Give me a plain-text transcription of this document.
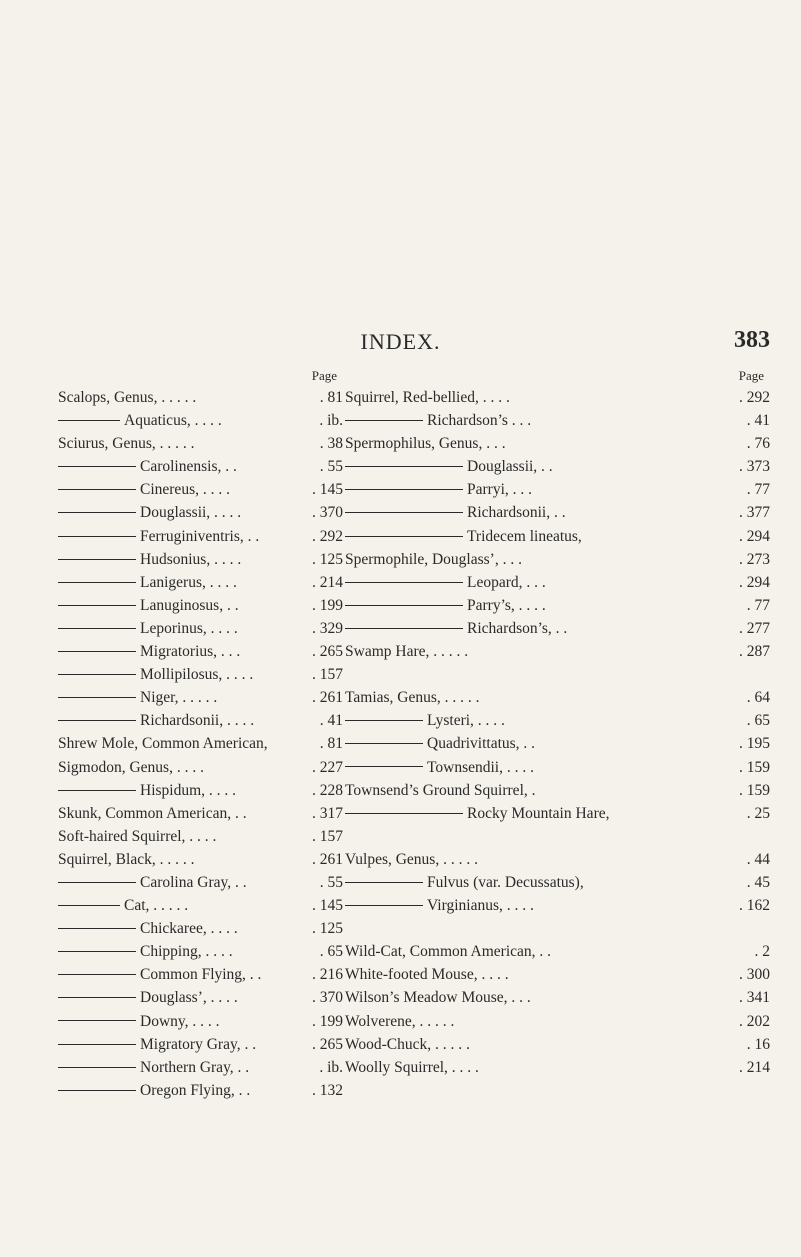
INDEX.	383
Page
Scalops, Genus, . . . . .	. 81
Aquaticus, . . . .	. ib.
Sciurus, Genus, . . . . .	. 38
Carolinensis, . .	. 55
Cinereus, . . . .	. 145
Douglassii, . . . .	. 370
Ferruginiventris, . .	. 292
Hudsonius, . . . .	. 125
Lanigerus, . . . .	. 214
Lanuginosus, . .	. 199
Leporinus, . . . .	. 329
Migratorius, . . .	. 265
Mollipilosus, . . . .	. 157
Niger, . . . . .	. 261
Richardsonii, . . . .	. 41
Shrew Mole, Common American,	. 81
Sigmodon, Genus, . . . .	. 227
Hispidum, . . . .	. 228
Skunk, Common American, . .	. 317
Soft-haired Squirrel, . . . .	. 157
Squirrel, Black, . . . . .	. 261
Carolina Gray, . .	. 55
Cat, . . . . .	. 145
Chickaree, . . . .	. 125
Chipping, . . . .	. 65
Common Flying, . .	. 216
Douglass’, . . . .	. 370
Downy, . . . .	. 199
Migratory Gray, . .	. 265
Northern Gray, . .	. ib.
Oregon Flying, . .	. 132
Page
Squirrel, Red-bellied, . . . .	. 292
Richardson’s . . .	. 41
Spermophilus, Genus, . . .	. 76
Douglassii, . .	. 373
Parryi, . . .	. 77
Richardsonii, . .	. 377
Tridecem lineatus,	. 294
Spermophile, Douglass’, . . .	. 273
Leopard, . . .	. 294
Parry’s, . . . .	. 77
Richardson’s, . .	. 277
Swamp Hare, . . . . .	. 287
Tamias, Genus, . . . . .	. 64
Lysteri, . . . .	. 65
Quadrivittatus, . .	. 195
Townsendii, . . . .	. 159
Townsend’s Ground Squirrel, .	. 159
Rocky Mountain Hare,	. 25
Vulpes, Genus, . . . . .	. 44
Fulvus (var. Decussatus),	. 45
Virginianus, . . . .	. 162
Wild-Cat, Common American, . .	. 2
White-footed Mouse, . . . .	. 300
Wilson’s Meadow Mouse, . . .	. 341
Wolverene, . . . . .	. 202
Wood-Chuck, . . . . .	. 16
Woolly Squirrel, . . . .	. 214
